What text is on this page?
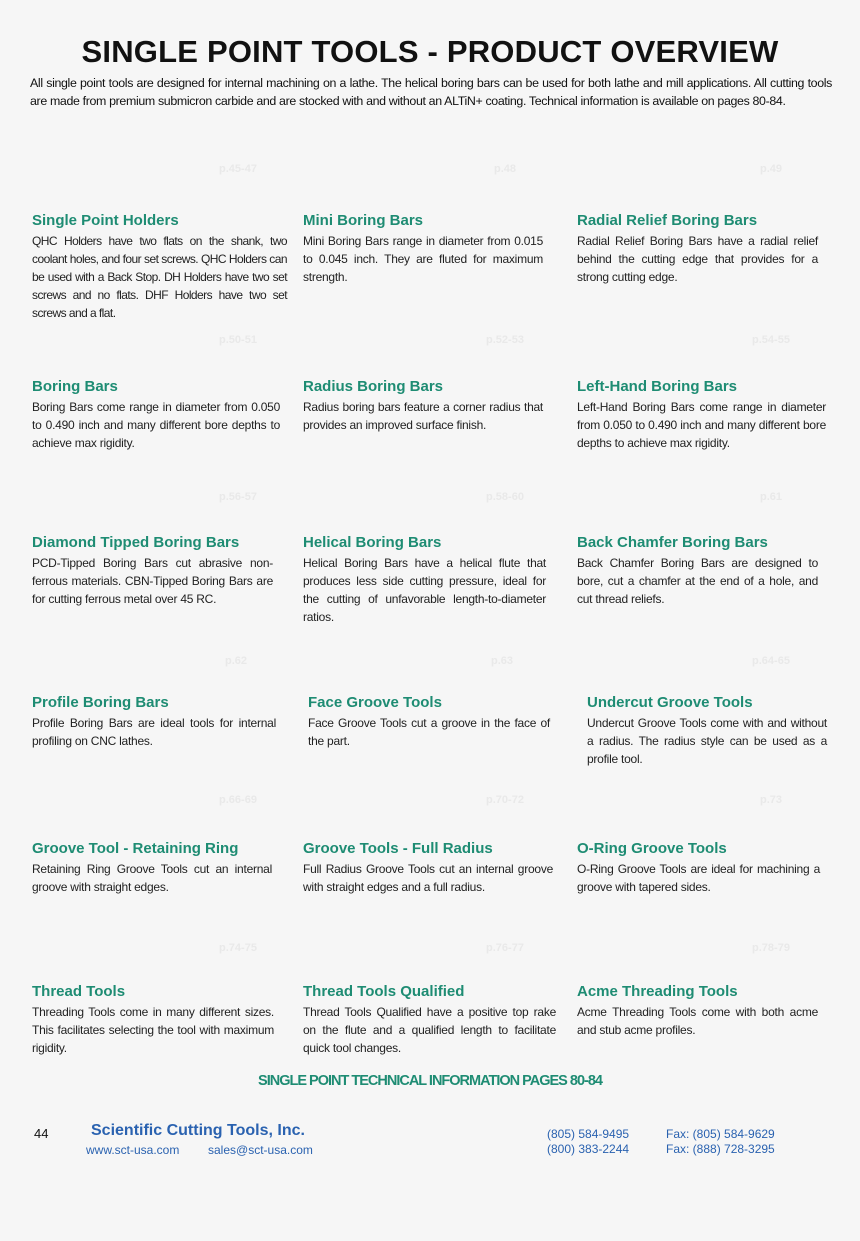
SINGLE POINT TOOLS - PRODUCT OVERVIEW

All single point tools are designed for internal machining on a lathe. The helical boring bars can be used for both lathe and mill applications. All cutting tools are made from premium submicron carbide and are stocked with and without an ALTiN+ coating. Technical information is available on pages 80-84.

p.45-47
Single Point Holders

QHC Holders have two flats on the shank, two coolant holes, and four set screws. QHC Holders can be used with a Back Stop. DH Holders have two set screws and no flats. DHF Holders have two set screws and a flat.

p.48
Mini Boring Bars

Mini Boring Bars range in diameter from 0.015 to 0.045 inch. They are fluted for maximum strength.

p.49
Radial Relief Boring Bars

Radial Relief Boring Bars have a radial relief behind the cutting edge that provides for a strong cutting edge.

p.50-51
Boring Bars

Boring Bars come range in diameter from 0.050 to 0.490 inch and many different bore depths to achieve max rigidity.

p.52-53
Radius Boring Bars

Radius boring bars feature a corner radius that provides an improved surface finish.

p.54-55
Left-Hand Boring Bars

Left-Hand Boring Bars come range in diameter from 0.050 to 0.490 inch and many different bore depths to achieve max rigidity.

p.56-57
Diamond Tipped Boring Bars

PCD-Tipped Boring Bars cut abrasive non-ferrous materials. CBN-Tipped Boring Bars are for cutting ferrous metal over 45 RC.

p.58-60
Helical Boring Bars

Helical Boring Bars have a helical flute that produces less side cutting pressure, ideal for the cutting of unfavorable length-to-diameter ratios.

p.61
Back Chamfer Boring Bars

Back Chamfer Boring Bars are designed to bore, cut a chamfer at the end of a hole, and cut thread reliefs.

p.62
Profile Boring Bars

Profile Boring Bars are ideal tools for internal profiling on CNC lathes.

p.63
Face Groove Tools

Face Groove Tools cut a groove in the face of the part.

p.64-65
Undercut Groove Tools

Undercut Groove Tools come with and without a radius. The radius style can be used as a profile tool.

p.66-69
Groove Tool - Retaining Ring

Retaining Ring Groove Tools cut an internal groove with straight edges.

p.70-72
Groove Tools - Full Radius

Full Radius Groove Tools cut an internal groove with straight edges and a full radius.

p.73
O-Ring Groove Tools

O-Ring Groove Tools are ideal for machining a groove with tapered sides.

p.74-75
Thread Tools

Threading Tools come in many different sizes. This facilitates selecting the tool with maximum rigidity.

p.76-77
Thread Tools Qualified

Thread Tools Qualified have a positive top rake on the flute and a qualified length to facilitate quick tool changes.

p.78-79
Acme Threading Tools

Acme Threading Tools come with both acme and stub acme profiles.

SINGLE POINT TECHNICAL INFORMATION PAGES 80-84
44	Scientific Cutting Tools, Inc.
www.sct-usa.com sales@sct-usa.com
(805) 584-9495
(800) 383-2244
Fax: (805) 584-9629
Fax: (888) 728-3295
